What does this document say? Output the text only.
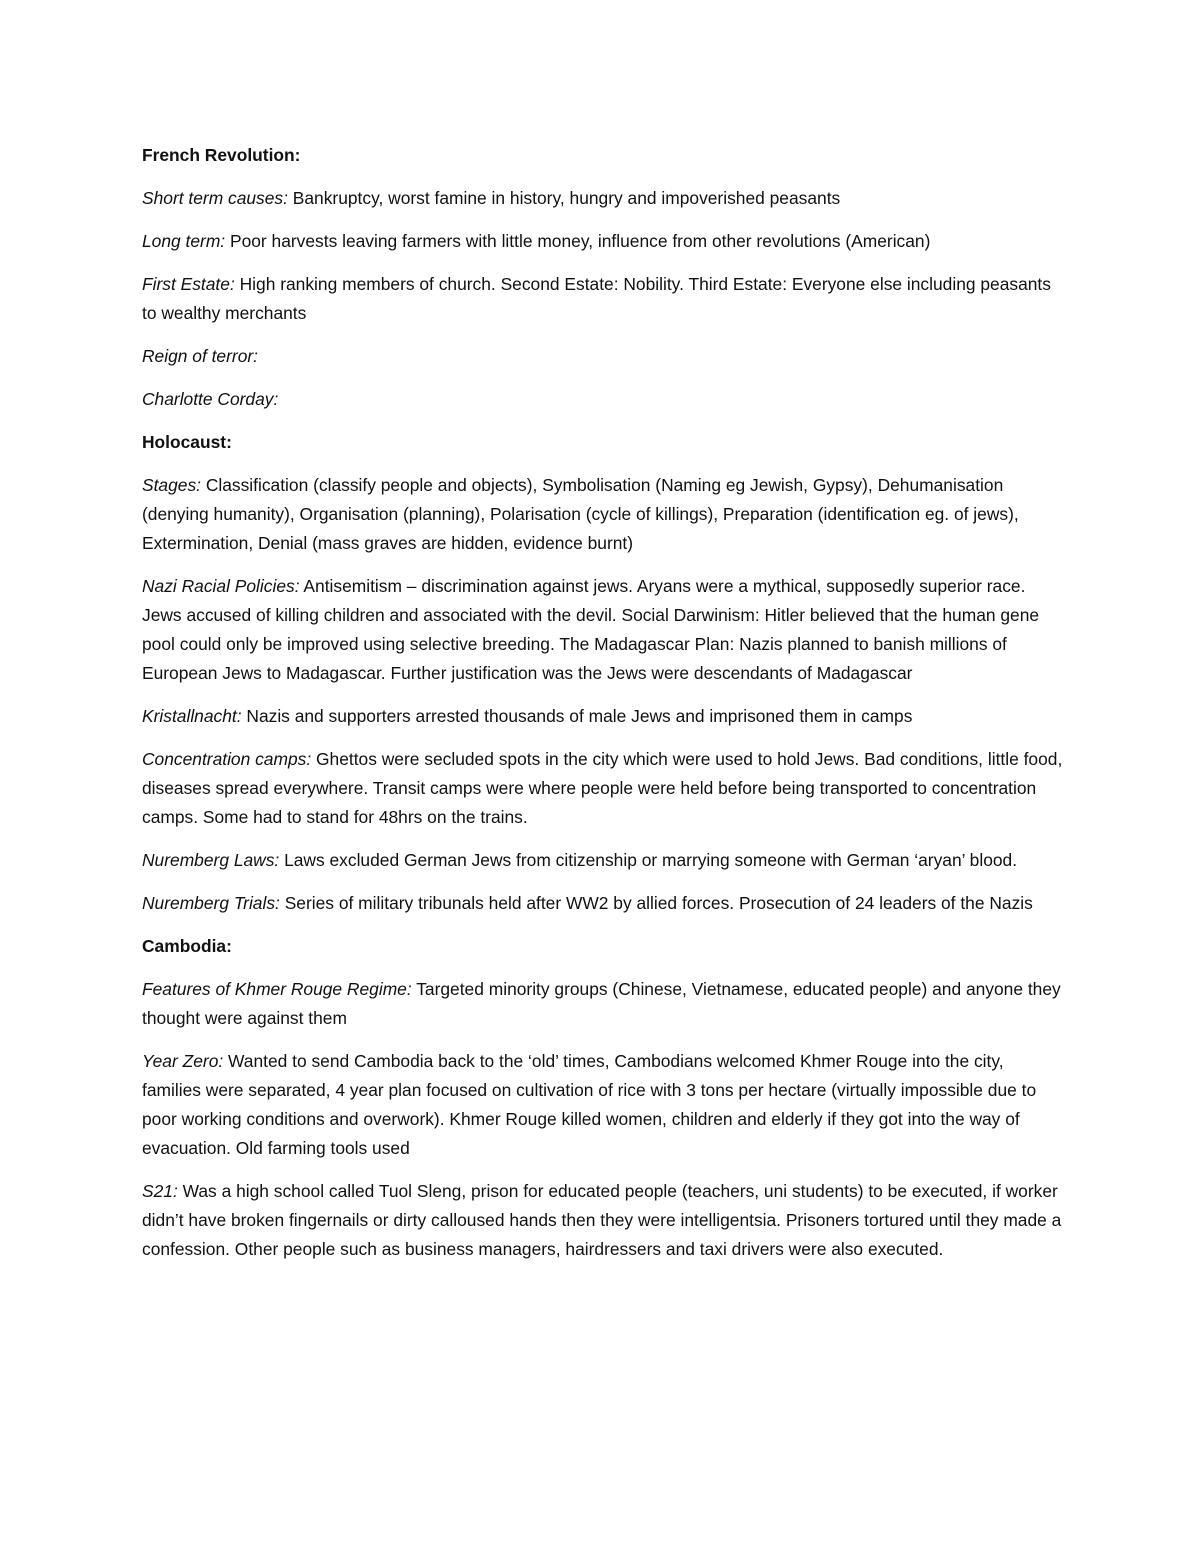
French Revolution:
Short term causes: Bankruptcy, worst famine in history, hungry and impoverished peasants
Long term: Poor harvests leaving farmers with little money, influence from other revolutions (American)
First Estate: High ranking members of church. Second Estate: Nobility. Third Estate: Everyone else including peasants to wealthy merchants
Reign of terror:
Charlotte Corday:
Holocaust:
Stages: Classification (classify people and objects), Symbolisation (Naming eg Jewish, Gypsy), Dehumanisation (denying humanity), Organisation (planning), Polarisation (cycle of killings), Preparation (identification eg. of jews), Extermination, Denial (mass graves are hidden, evidence burnt)
Nazi Racial Policies: Antisemitism – discrimination against jews. Aryans were a mythical, supposedly superior race. Jews accused of killing children and associated with the devil. Social Darwinism: Hitler believed that the human gene pool could only be improved using selective breeding. The Madagascar Plan: Nazis planned to banish millions of European Jews to Madagascar. Further justification was the Jews were descendants of Madagascar
Kristallnacht: Nazis and supporters arrested thousands of male Jews and imprisoned them in camps
Concentration camps: Ghettos were secluded spots in the city which were used to hold Jews. Bad conditions, little food, diseases spread everywhere. Transit camps were where people were held before being transported to concentration camps. Some had to stand for 48hrs on the trains.
Nuremberg Laws: Laws excluded German Jews from citizenship or marrying someone with German ‘aryan’ blood.
Nuremberg Trials: Series of military tribunals held after WW2 by allied forces. Prosecution of 24 leaders of the Nazis
Cambodia:
Features of Khmer Rouge Regime: Targeted minority groups (Chinese, Vietnamese, educated people) and anyone they thought were against them
Year Zero: Wanted to send Cambodia back to the ‘old’ times, Cambodians welcomed Khmer Rouge into the city, families were separated, 4 year plan focused on cultivation of rice with 3 tons per hectare (virtually impossible due to poor working conditions and overwork). Khmer Rouge killed women, children and elderly if they got into the way of evacuation. Old farming tools used
S21: Was a high school called Tuol Sleng, prison for educated people (teachers, uni students) to be executed, if worker didn’t have broken fingernails or dirty calloused hands then they were intelligentsia. Prisoners tortured until they made a confession. Other people such as business managers, hairdressers and taxi drivers were also executed.
